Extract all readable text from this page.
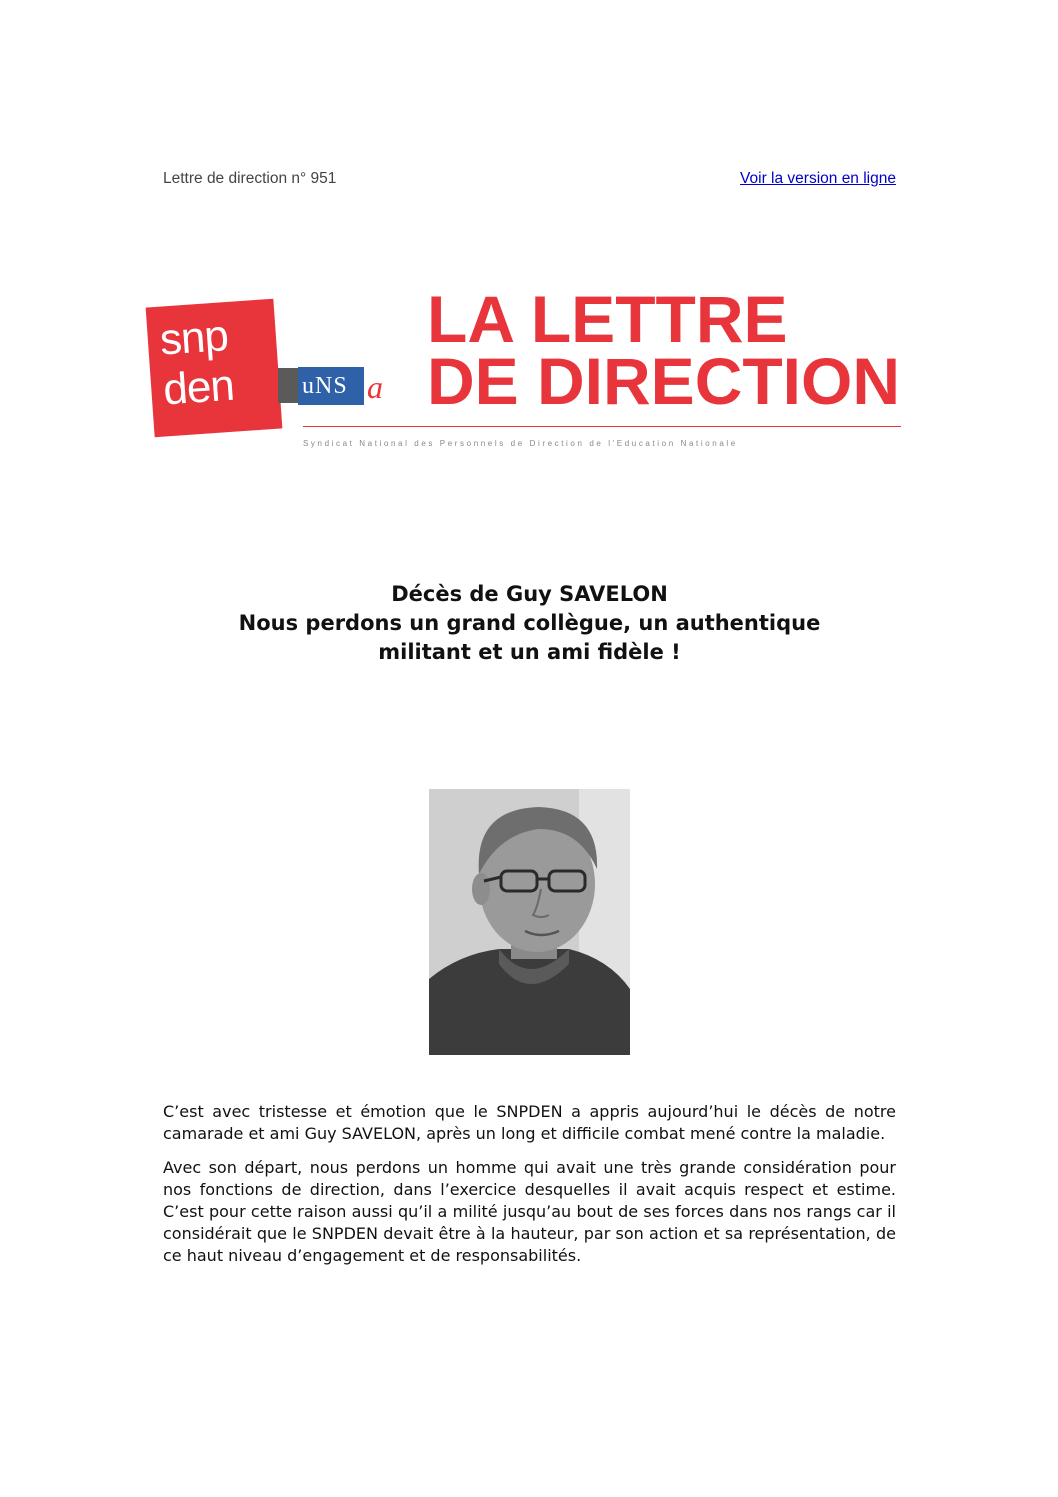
Lettre de direction n° 951	Voir la version en ligne
snp
den	uNS a
LA LETTRE
DE DIRECTION
Syndicat National des Personnels de Direction de l'Education Nationale
Décès de Guy SAVELON
Nous perdons un grand collègue, un authentique
militant et un ami fidèle !

C’est avec tristesse et émotion que le SNPDEN a appris aujourd’hui le décès de notre camarade et ami Guy SAVELON, après un long et difficile combat mené contre la maladie.

Avec son départ, nous perdons un homme qui avait une très grande considération pour nos fonctions de direction, dans l’exercice desquelles il avait acquis respect et estime. C’est pour cette raison aussi qu’il a milité jusqu’au bout de ses forces dans nos rangs car il considérait que le SNPDEN devait être à la hauteur, par son action et sa représentation, de ce haut niveau d’engagement et de responsabilités.
